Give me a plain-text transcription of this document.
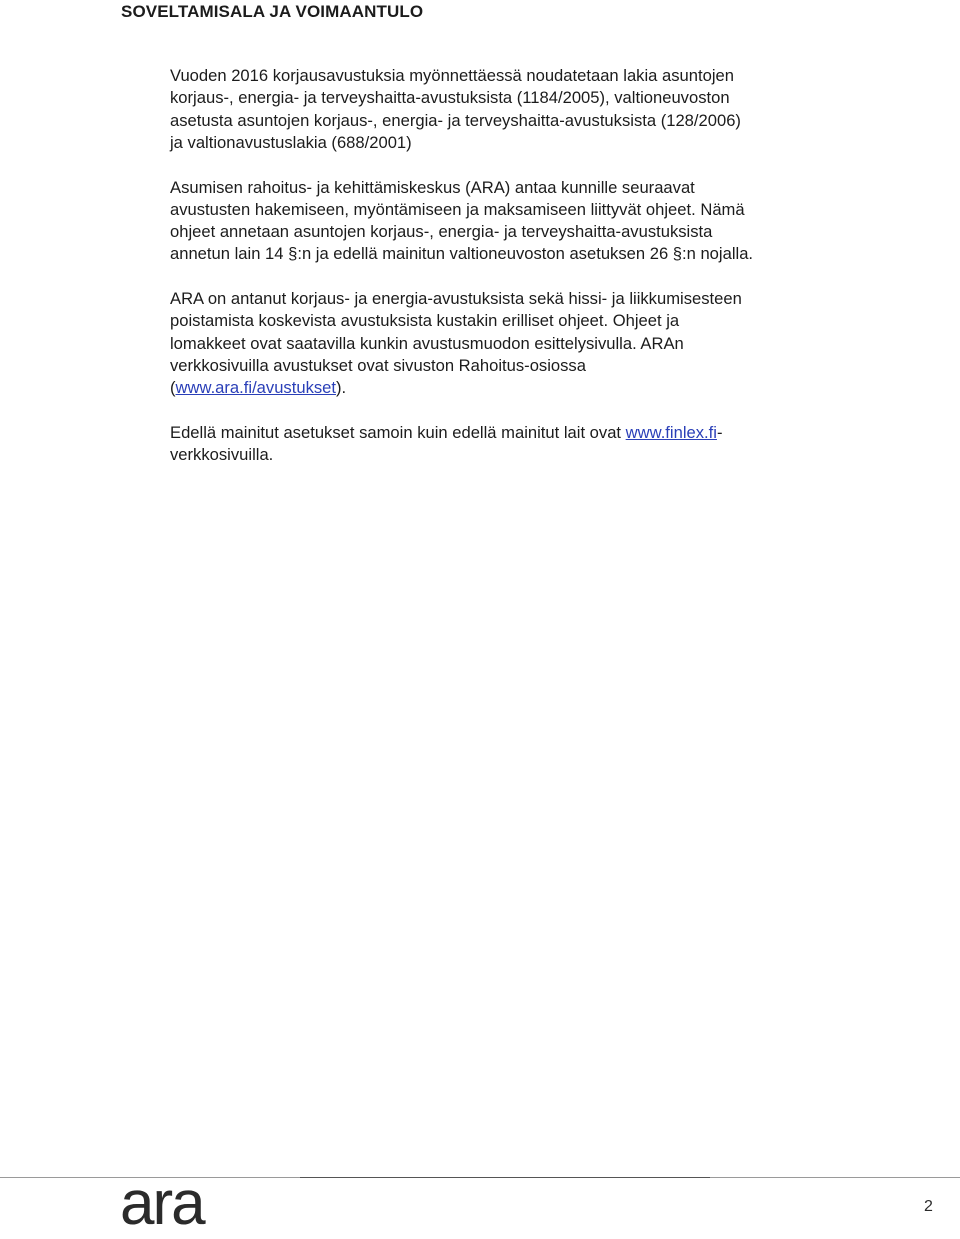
SOVELTAMISALA JA VOIMAANTULO

Vuoden 2016 korjausavustuksia myönnettäessä noudatetaan lakia asuntojen
korjaus-, energia- ja terveyshaitta-avustuksista (1184/2005), valtioneuvoston
asetusta asuntojen korjaus-, energia- ja terveyshaitta-avustuksista (128/2006)
ja valtionavustuslakia (688/2001)

Asumisen rahoitus- ja kehittämiskeskus (ARA) antaa kunnille seuraavat
avustusten hakemiseen, myöntämiseen ja maksamiseen liittyvät ohjeet. Nämä
ohjeet annetaan asuntojen korjaus-, energia- ja terveyshaitta-avustuksista
annetun lain 14 §:n ja edellä mainitun valtioneuvoston asetuksen 26 §:n nojalla.

ARA on antanut korjaus- ja energia-avustuksista sekä hissi- ja liikkumisesteen
poistamista koskevista avustuksista kustakin erilliset ohjeet. Ohjeet ja
lomakkeet ovat saatavilla kunkin avustusmuodon esittelysivulla. ARAn
verkkosivuilla avustukset ovat sivuston Rahoitus-osiossa
(www.ara.fi/avustukset).

Edellä mainitut asetukset samoin kuin edellä mainitut lait ovat www.finlex.fi-
verkkosivuilla.

ara	2
